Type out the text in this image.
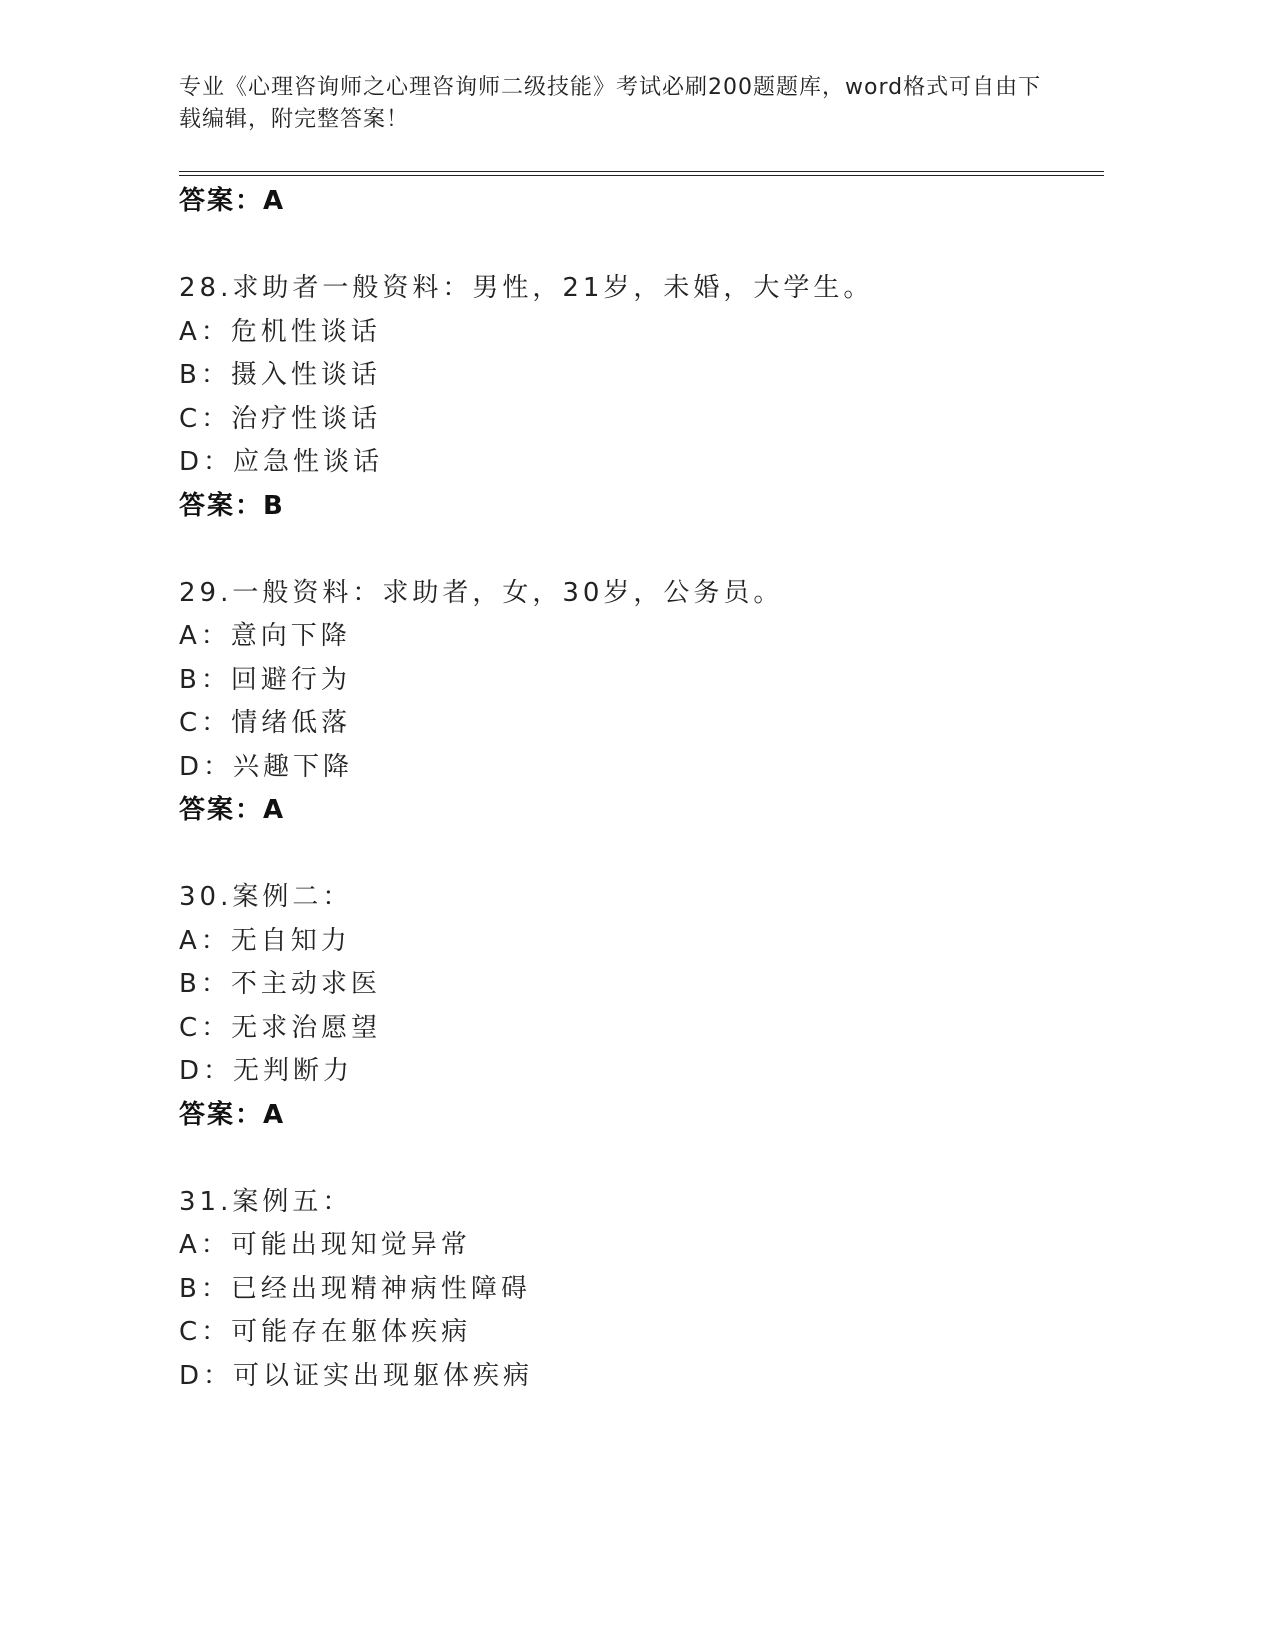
专业《心理咨询师之心理咨询师二级技能》考试必刷200题题库，word格式可自由下载编辑，附完整答案！
答案：A
28.求助者一般资料：男性，21岁，未婚，大学生。
A：危机性谈话
B：摄入性谈话
C：治疗性谈话
D：应急性谈话
答案：B
29.一般资料：求助者，女，30岁，公务员。
A：意向下降
B：回避行为
C：情绪低落
D：兴趣下降
答案：A
30.案例二：
A：无自知力
B：不主动求医
C：无求治愿望
D：无判断力
答案：A
31.案例五：
A：可能出现知觉异常
B：已经出现精神病性障碍
C：可能存在躯体疾病
D：可以证实出现躯体疾病
